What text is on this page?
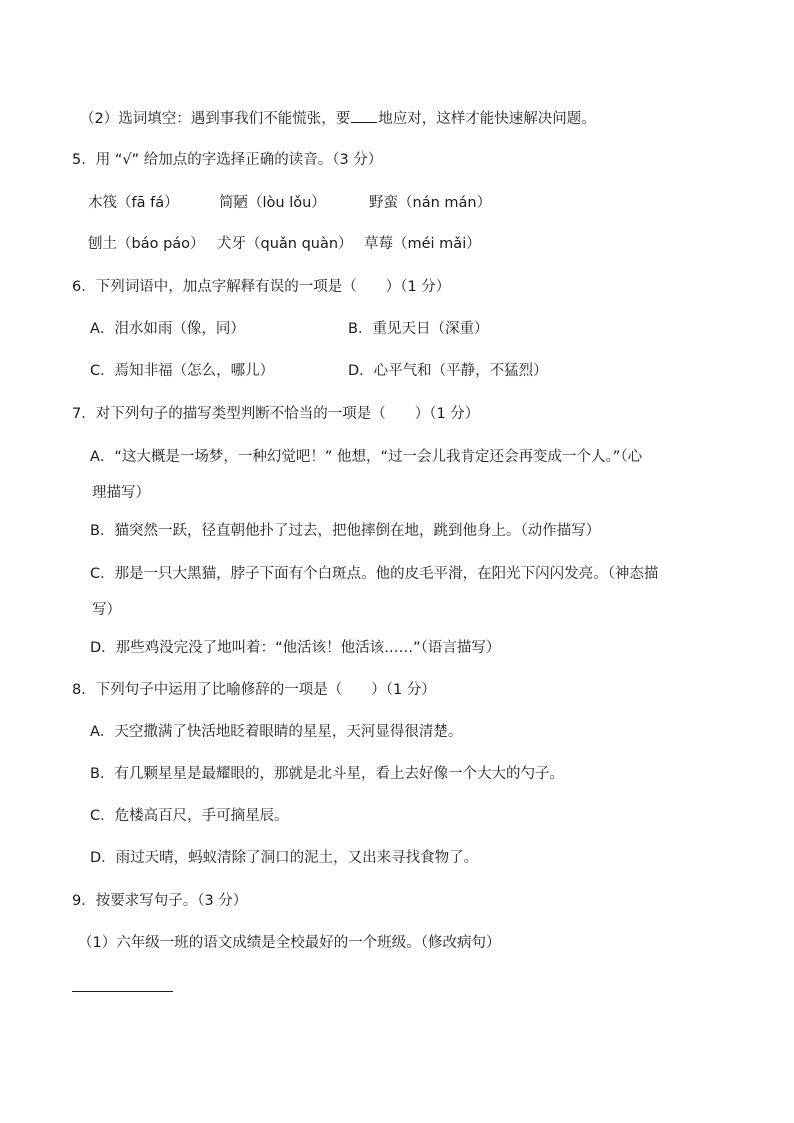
（2）选词填空：遇到事我们不能慌张，要 地应对，这样才能快速解决问题。
5．用 “√” 给加点的字选择正确的读音。（3 分）
木筏（fā fá）	简陋（lòu lǒu）	野蛮（nán mán）
刨土（báo páo） 犬牙（quǎn quàn） 草莓（méi mǎi）
6．下列词语中，加点字解释有误的一项是（　　）（1 分）
A．泪水如雨（像，同）	B．重见天日（深重）
C．焉知非福（怎么，哪儿）	D．心平气和（平静，不猛烈）
7．对下列句子的描写类型判断不恰当的一项是（　　）（1 分）
A．“这大概是一场梦，一种幻觉吧！” 他想，“过一会儿我肯定还会再变成一个人。”（心
理描写）
B．猫突然一跃，径直朝他扑了过去，把他摔倒在地，跳到他身上。（动作描写）
C．那是一只大黑猫，脖子下面有个白斑点。他的皮毛平滑，在阳光下闪闪发亮。（神态描
写）
D．那些鸡没完没了地叫着：“他活该！他活该……”（语言描写）
8．下列句子中运用了比喻修辞的一项是（　　）（1 分）
A．天空撒满了快活地眨着眼睛的星星，天河显得很清楚。
B．有几颗星星是最耀眼的，那就是北斗星，看上去好像一个大大的勺子。
C．危楼高百尺，手可摘星辰。
D．雨过天晴，蚂蚁清除了洞口的泥土，又出来寻找食物了。
9．按要求写句子。（3 分）
（1）六年级一班的语文成绩是全校最好的一个班级。（修改病句）
